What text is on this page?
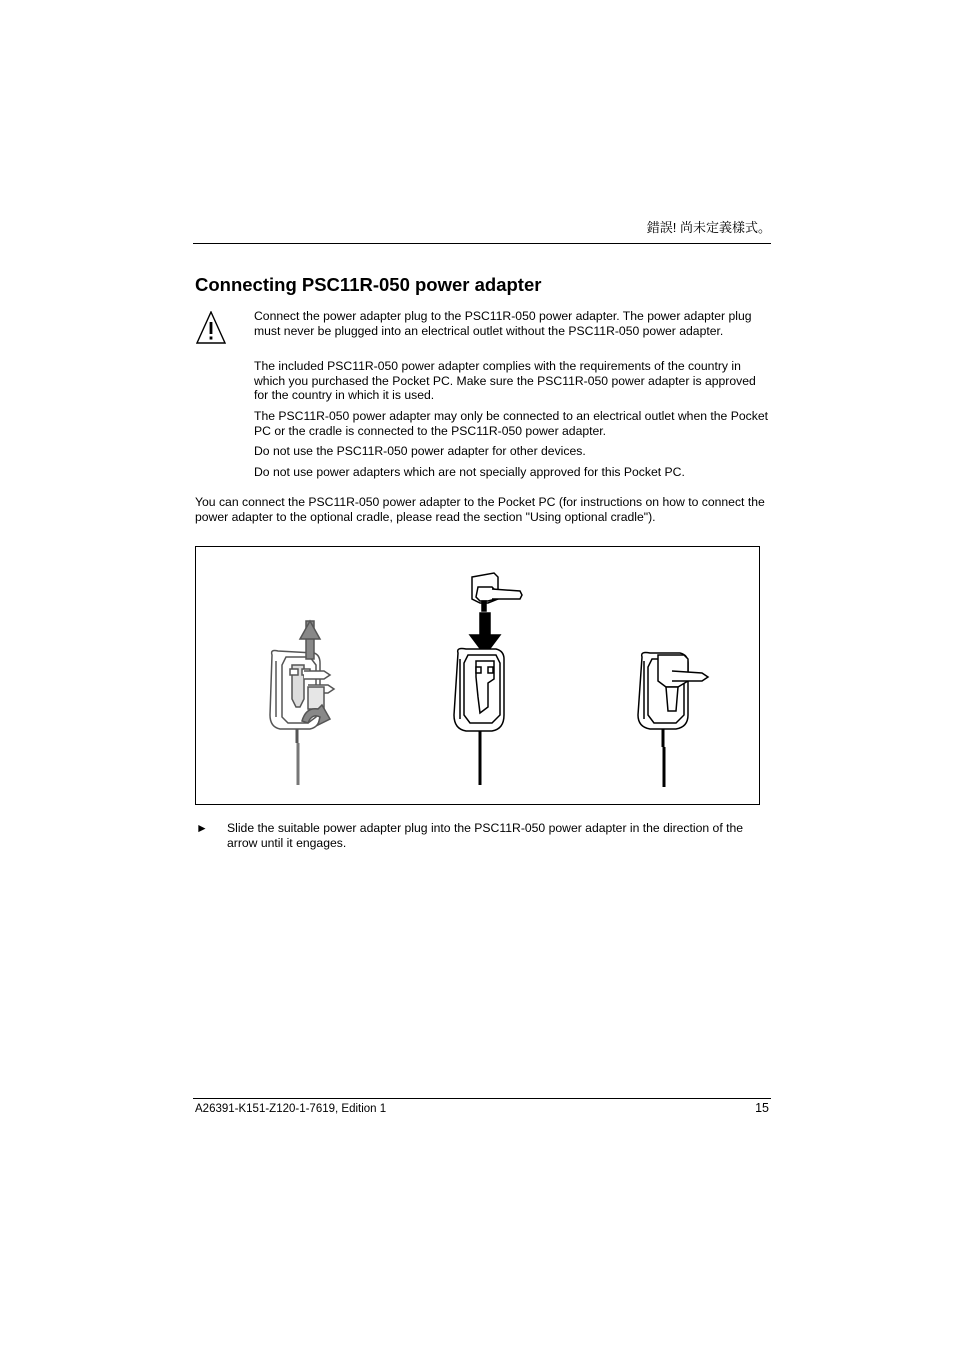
錯誤! 尚未定義樣式。
Connecting PSC11R-050 power adapter
Connect the power adapter plug to the PSC11R-050 power adapter. The power adapter plug must never be plugged into an electrical outlet without the PSC11R-050 power adapter.
The included PSC11R-050 power adapter complies with the requirements of the country in which you purchased the Pocket PC. Make sure the PSC11R-050 power adapter is approved for the country in which it is used.
The PSC11R-050 power adapter may only be connected to an electrical outlet when the Pocket PC or the cradle is connected to the PSC11R-050 power adapter.
Do not use the PSC11R-050 power adapter for other devices.
Do not use power adapters which are not specially approved for this Pocket PC.
You can connect the PSC11R-050 power adapter to the Pocket PC (for instructions on how to connect the power adapter to the optional cradle, please read the section "Using optional cradle").
► Slide the suitable power adapter plug into the PSC11R-050 power adapter in the direction of the arrow until it engages.
A26391-K151-Z120-1-7619, Edition 1	15
